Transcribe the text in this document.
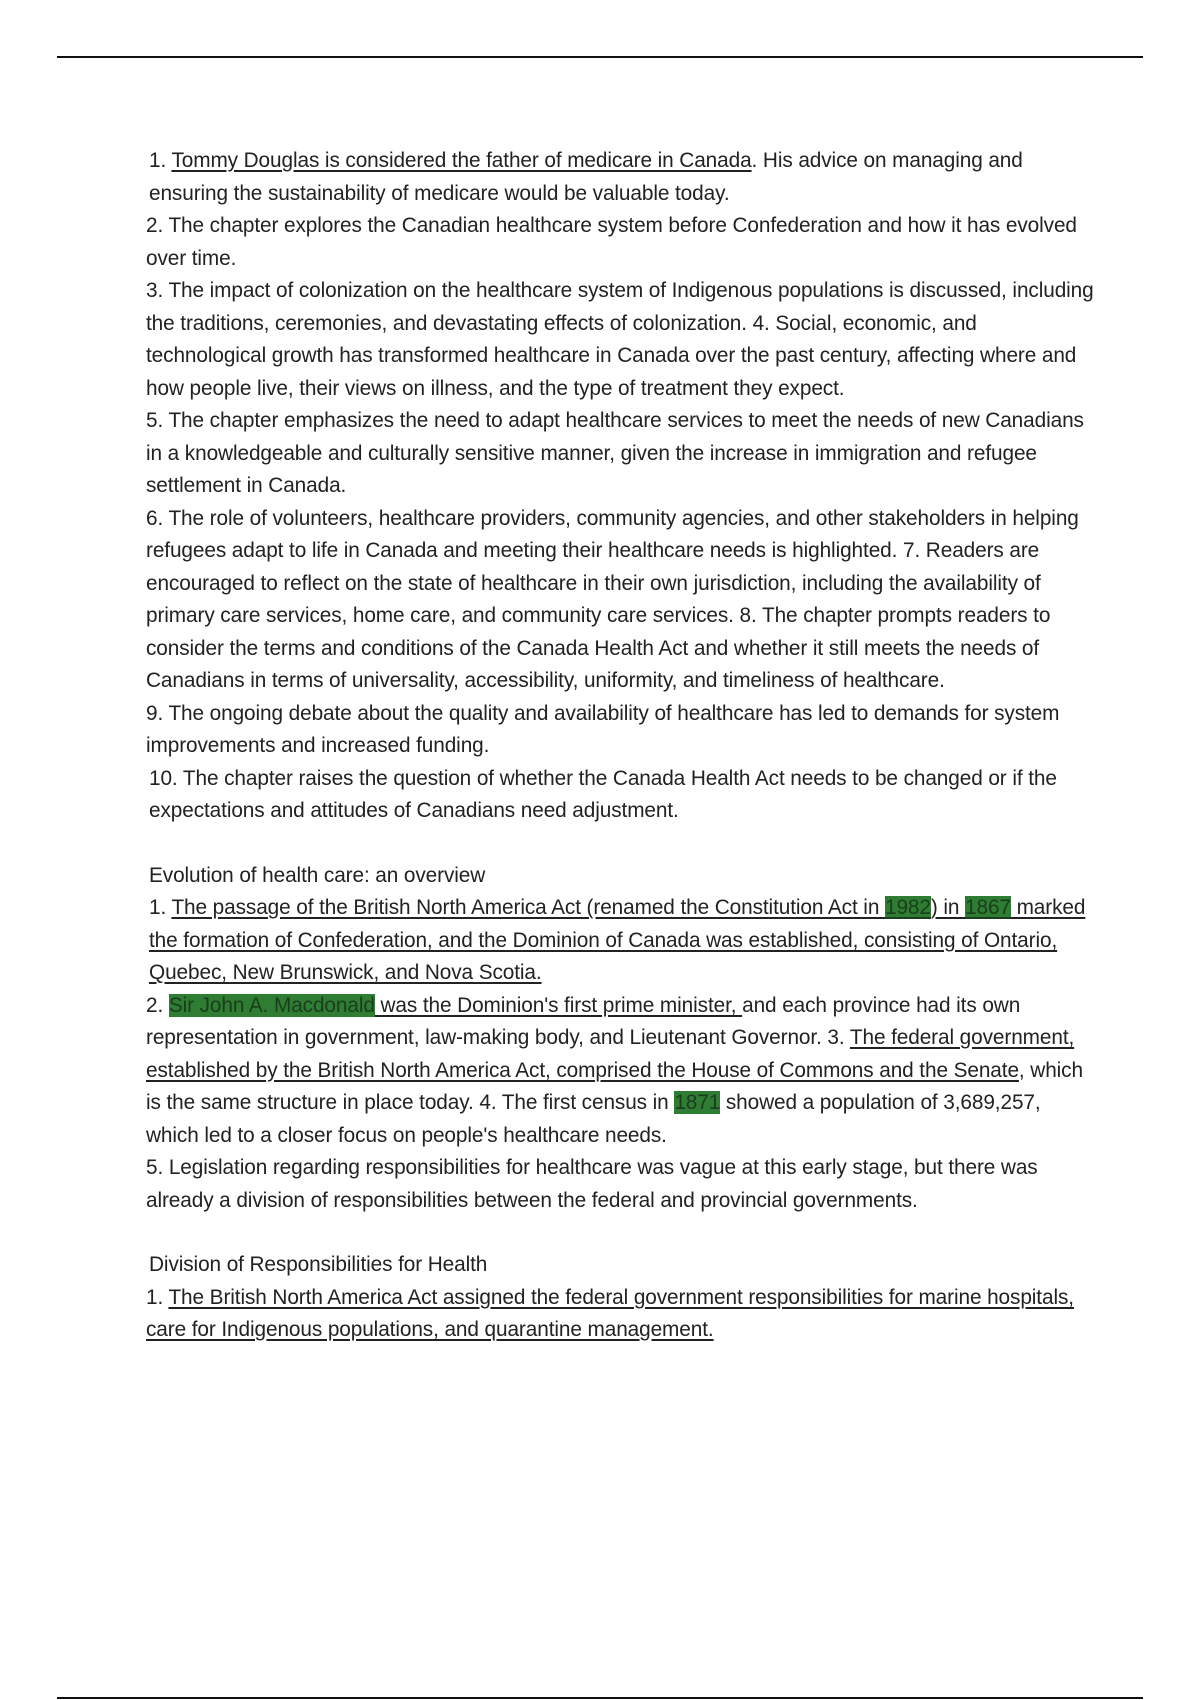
1. Tommy Douglas is considered the father of medicare in Canada. His advice on managing and ensuring the sustainability of medicare would be valuable today.

2. The chapter explores the Canadian healthcare system before Confederation and how it has evolved over time.

3. The impact of colonization on the healthcare system of Indigenous populations is discussed, including the traditions, ceremonies, and devastating effects of colonization. 4. Social, economic, and technological growth has transformed healthcare in Canada over the past century, affecting where and how people live, their views on illness, and the type of treatment they expect.

5. The chapter emphasizes the need to adapt healthcare services to meet the needs of new Canadians in a knowledgeable and culturally sensitive manner, given the increase in immigration and refugee settlement in Canada.

6. The role of volunteers, healthcare providers, community agencies, and other stakeholders in helping refugees adapt to life in Canada and meeting their healthcare needs is highlighted. 7. Readers are encouraged to reflect on the state of healthcare in their own jurisdiction, including the availability of primary care services, home care, and community care services. 8. The chapter prompts readers to consider the terms and conditions of the Canada Health Act and whether it still meets the needs of Canadians in terms of universality, accessibility, uniformity, and timeliness of healthcare.

9. The ongoing debate about the quality and availability of healthcare has led to demands for system improvements and increased funding.

10. The chapter raises the question of whether the Canada Health Act needs to be changed or if the expectations and attitudes of Canadians need adjustment.

Evolution of health care: an overview

1. The passage of the British North America Act (renamed the Constitution Act in 1982) in 1867 marked the formation of Confederation, and the Dominion of Canada was established, consisting of Ontario, Quebec, New Brunswick, and Nova Scotia.

2. Sir John A. Macdonald was the Dominion's first prime minister, and each province had its own representation in government, law-making body, and Lieutenant Governor. 3. The federal government, established by the British North America Act, comprised the House of Commons and the Senate, which is the same structure in place today. 4. The first census in 1871 showed a population of 3,689,257, which led to a closer focus on people's healthcare needs.

5. Legislation regarding responsibilities for healthcare was vague at this early stage, but there was already a division of responsibilities between the federal and provincial governments.

Division of Responsibilities for Health

1. The British North America Act assigned the federal government responsibilities for marine hospitals, care for Indigenous populations, and quarantine management.
